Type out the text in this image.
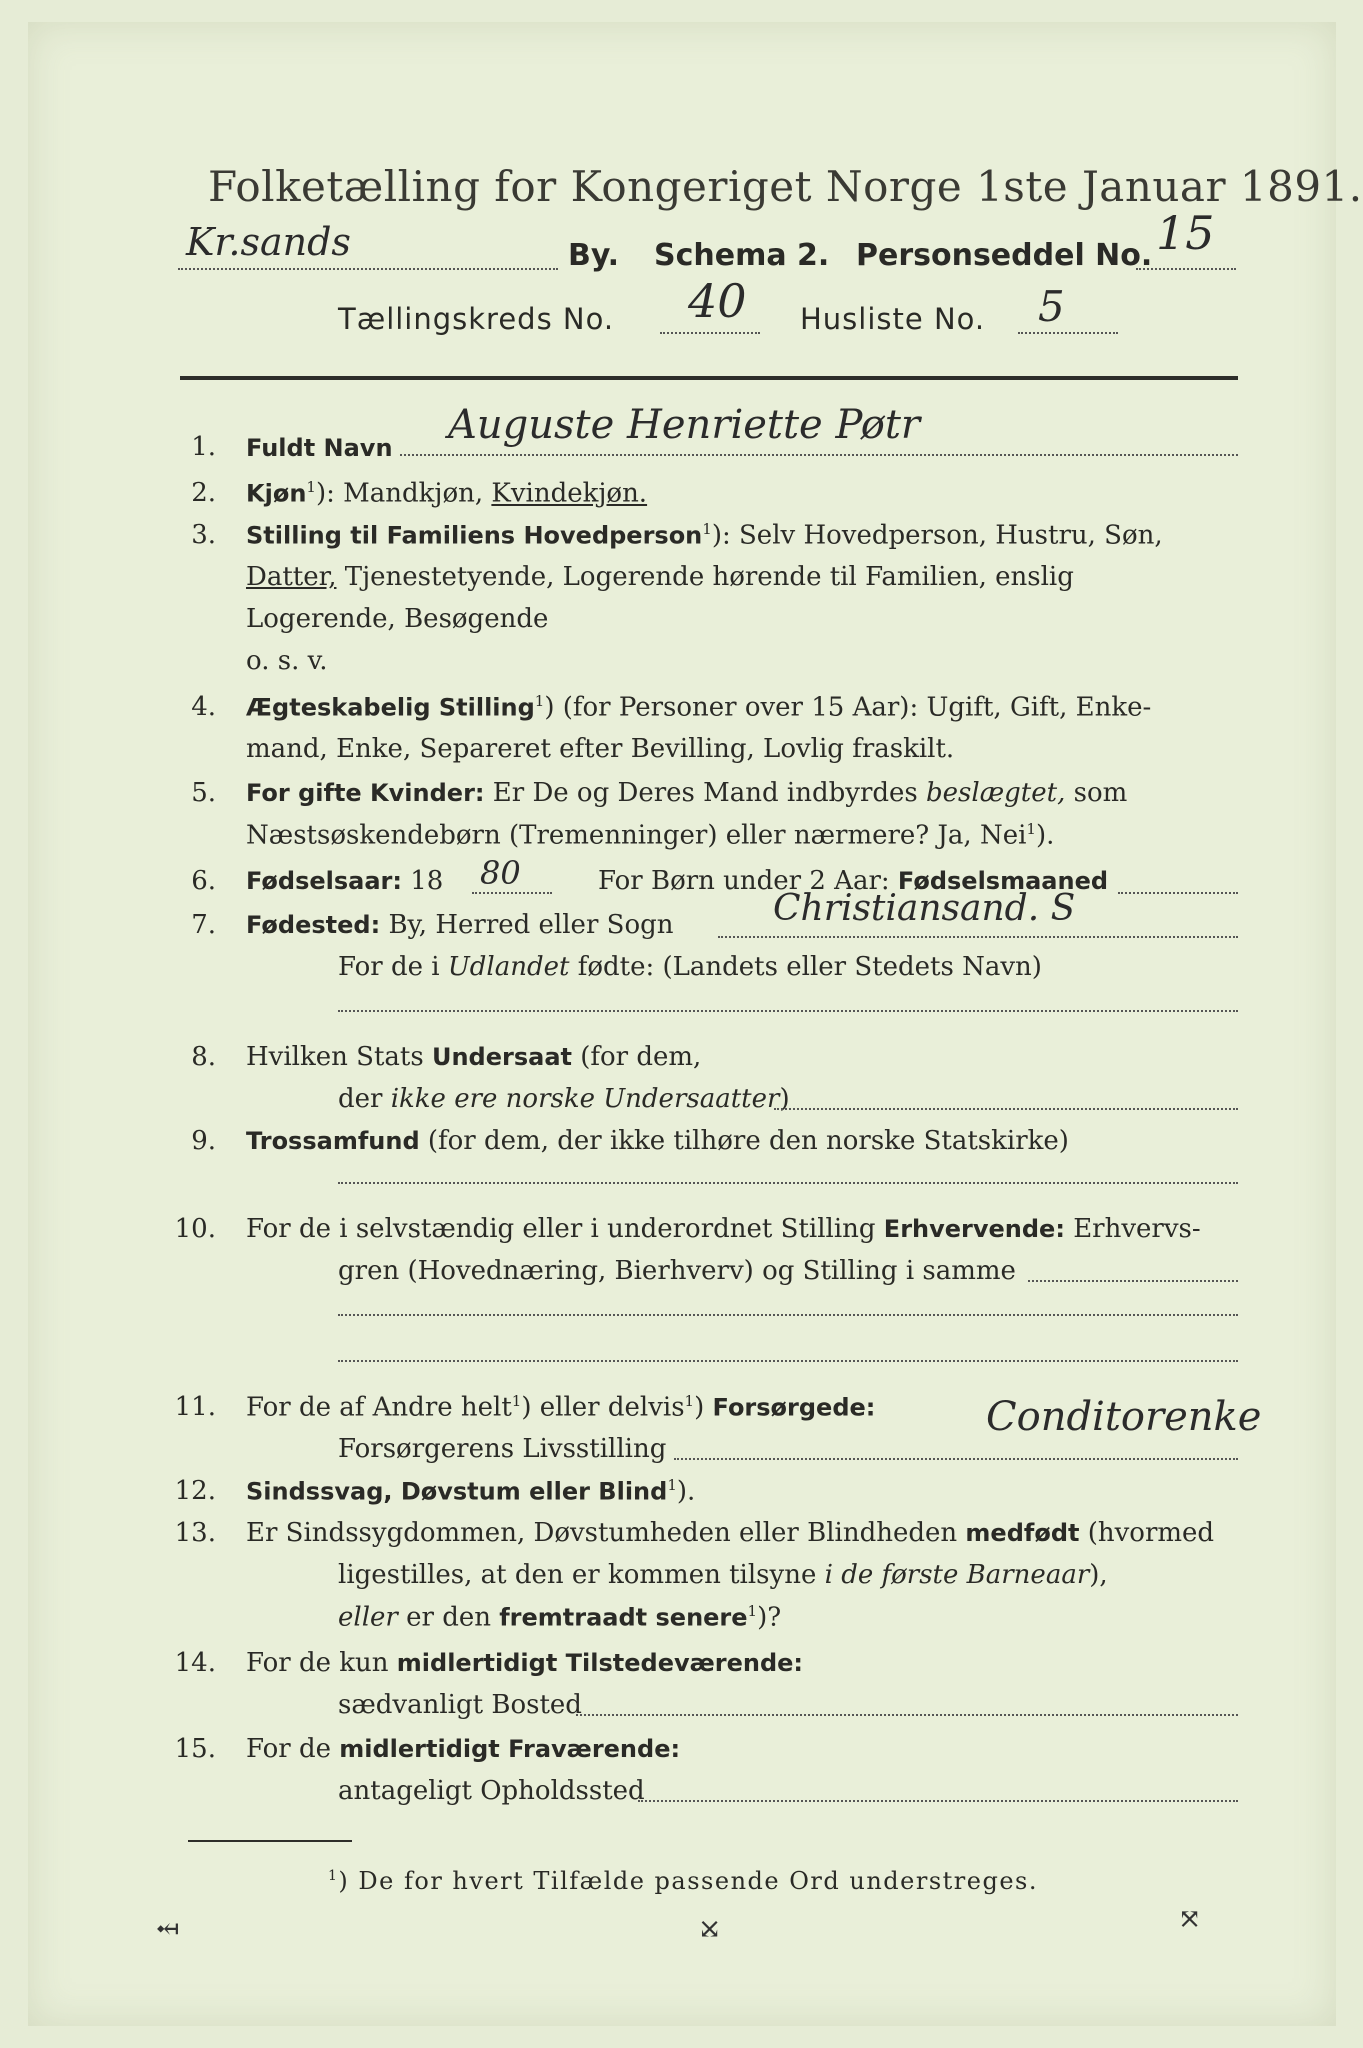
Folketælling for Kongeriget Norge 1ste Januar 1891.
Kr.sands	By. Schema 2. Personseddel No. 15
Tællingskreds No. 40 Husliste No. 5
1. Fuldt Navn Auguste Henriette Pøtr
2. Kjøn$^1$): Mandkjøn, Kvindekjøn.
3. Stilling til Familiens Hovedperson$^1$): Selv Hovedperson, Hustru, Søn,
Datter, Tjenestetyende, Logerende hørende til Familien, enslig
Logerende, Besøgende
o. s. v.
4. Ægteskabelig Stilling$^1$) (for Personer over 15 Aar): Ugift, Gift, Enke-
mand, Enke, Separeret efter Bevilling, Lovlig fraskilt.
5. For gifte Kvinder: Er De og Deres Mand indbyrdes beslægtet, som
Næstsøskendebørn (Tremenninger) eller nærmere? Ja, Nei$^1$).
6. Fødselsaar: 18 80	For Børn under 2 Aar: Fødselsmaaned
7. Fødested: By, Herred eller Sogn	Christiansand. S
For de i Udlandet fødte: (Landets eller Stedets Navn)
8. Hvilken Stats Undersaat (for dem,
der ikke ere norske Undersaatter)
9. Trossamfund (for dem, der ikke tilhøre den norske Statskirke)
10. For de i selvstændig eller i underordnet Stilling Erhvervende: Erhvervs-
gren (Hovednæring, Bierhverv) og Stilling i samme
11. For de af Andre helt$^1$) eller delvis$^1$) Forsørgede:
Forsørgerens Livsstilling
Conditorenke
12. Sindssvag, Døvstum eller Blind$^1$).
13. Er Sindssygdommen, Døvstumheden eller Blindheden medfødt (hvormed
ligestilles, at den er kommen tilsyne i de første Barneaar),
eller er den fremtraadt senere$^1$)?
14. For de kun midlertidigt Tilstedeværende:
sædvanligt Bosted
15. For de midlertidigt Fraværende:
antageligt Opholdssted
$^1$) De for hvert Tilfælde passende Ord understreges.
⤟	⤩	⤧
